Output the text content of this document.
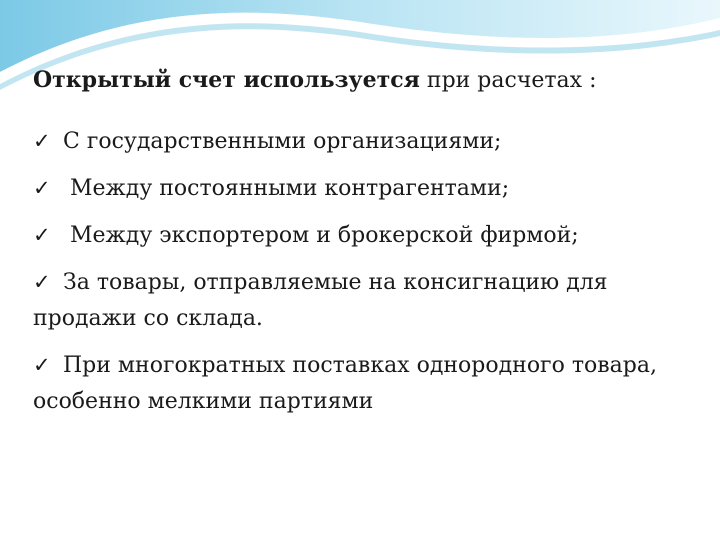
Открытый счет используется при расчетах :

✓ С государственными организациями;
✓ Между постоянными контрагентами;
✓ Между экспортером и брокерской фирмой;
✓ За товары, отправляемые на консигнацию для продажи со склада.
✓ При многократных поставках однородного товара, особенно мелкими партиями
